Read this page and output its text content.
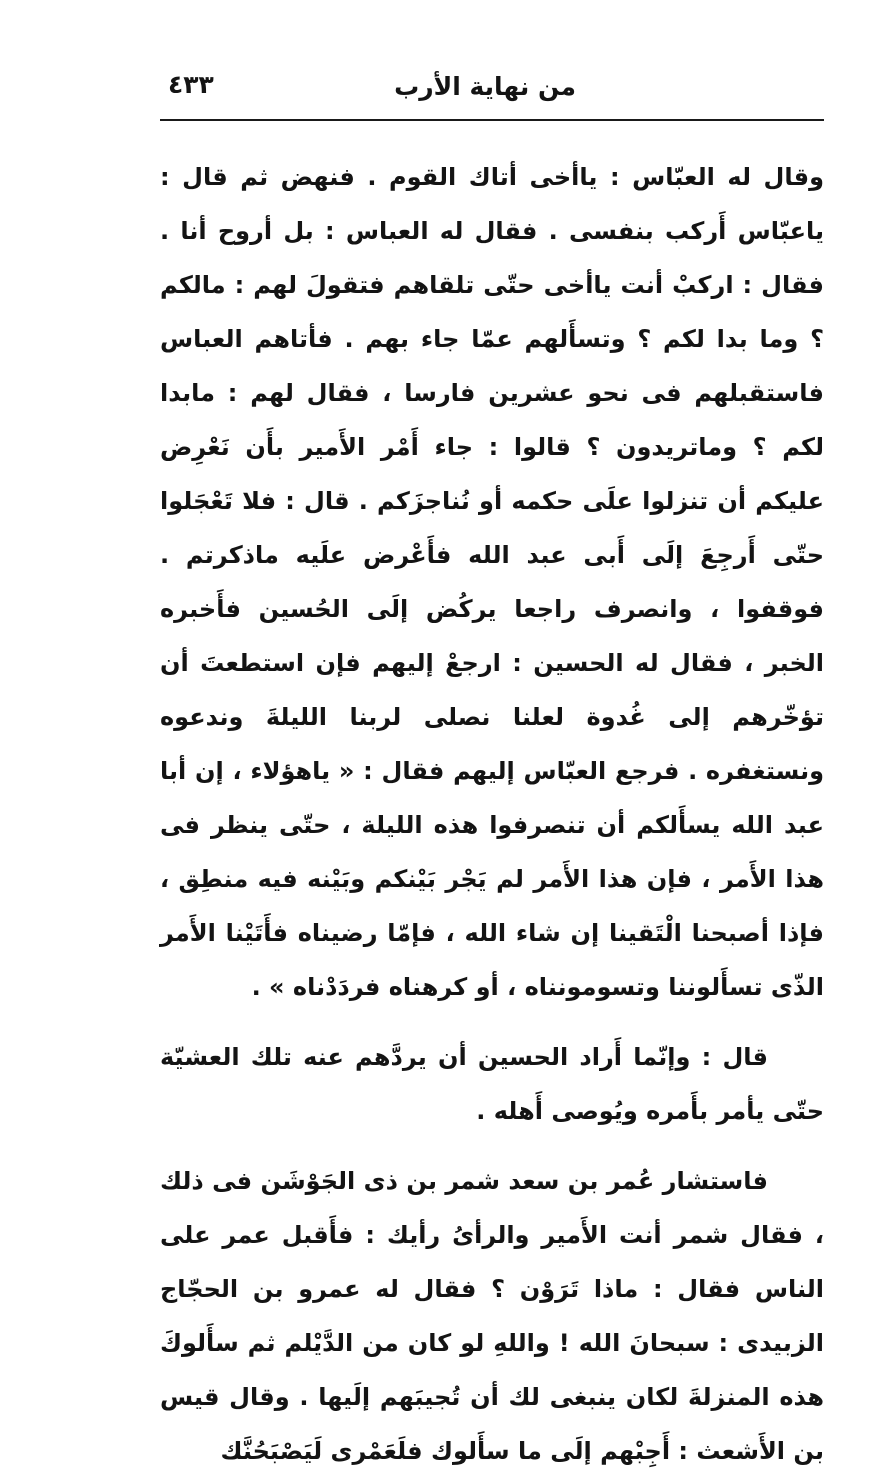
من نهاية الأرب
٤٣٣

وقال له العبّاس : ياأخى أتاك القوم . فنهض ثم قال : ياعبّاس أَركب بنفسى . فقال له العباس : بل أروح أنا . فقال : اركبْ أنت ياأخى حتّى تلقاهم فتقولَ لهم : مالكم ؟ وما بدا لكم ؟ وتسأَلهم عمّا جاء بهم . فأتاهم العباس فاستقبلهم فى نحو عشرين فارسا ، فقال لهم : مابدا لكم ؟ وماتريدون ؟ قالوا : جاء أَمْر الأَمير بأَن نَعْرِض عليكم أن تنزلوا علَى حكمه أو نُناجزَكم . قال : فلا تَعْجَلوا حتّى أَرجِعَ إلَى أَبى عبد الله فأَعْرض علَيه ماذكرتم . فوقفوا ، وانصرف راجعا يركُض إلَى الحُسين فأَخبره الخبر ، فقال له الحسين : ارجعْ إليهم فإن استطعتَ أن تؤخّرهم إلى غُدوة لعلنا نصلى لربنا الليلةَ وندعوه ونستغفره . فرجع العبّاس إليهم فقال : « ياهؤلاء ، إن أبا عبد الله يسأَلكم أن تنصرفوا هذه الليلة ، حتّى ينظر فى هذا الأَمر ، فإن هذا الأَمر لم يَجْر بَيْنكم وبَيْنه فيه منطِق ، فإذا أصبحنا الْتَقينا إن شاء الله ، فإمّا رضيناه فأَتَيْنا الأَمر الذّى تسأَلوننا وتسومونناه ، أو كرهناه فردَدْناه » .

قال : وإنّما أَراد الحسين أن يردَّهم عنه تلك العشيّة حتّى يأمر بأَمره ويُوصى أَهله .

فاستشار عُمر بن سعد شمر بن ذى الجَوْشَن فى ذلك ، فقال شمر أنت الأَمير والرأىُ رأيك : فأَقبل عمر على الناس فقال : ماذا تَرَوْن ؟ فقال له عمرو بن الحجّاج الزبيدى : سبحانَ الله ! واللهِ لو كان من الدَّيْلم ثم سأَلوكَ هذه المنزلةَ لكان ينبغى لك أن تُجيبَهم إلَيها . وقال قيس بن الأَشعث : أَجِبْهم إلَى ما سأَلوك فلَعَمْرى لَيَصْبَحُنَّك
